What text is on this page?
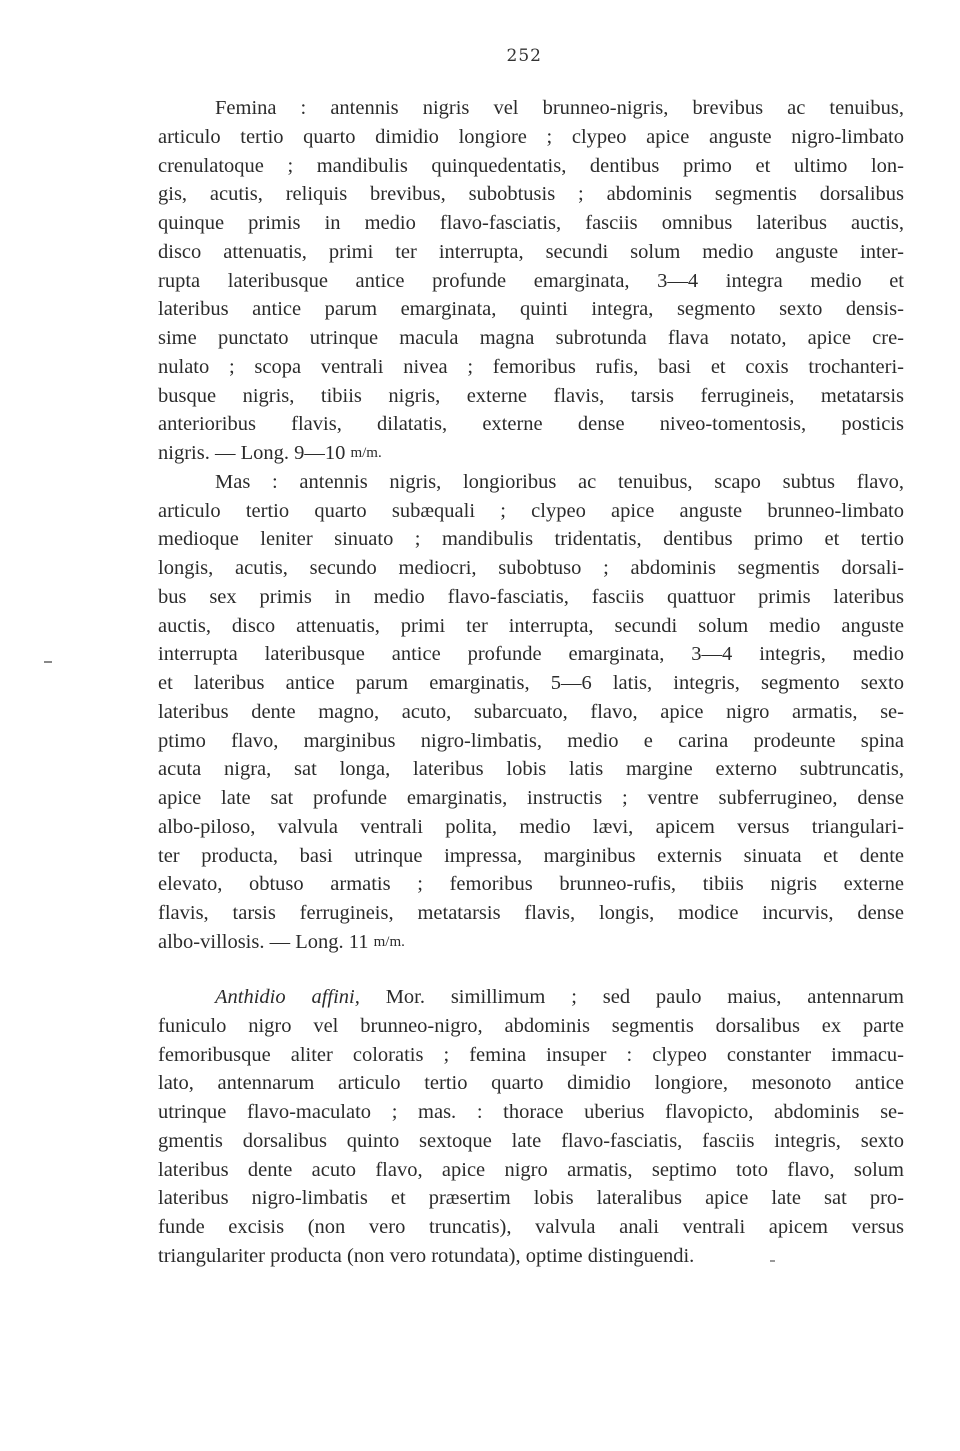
252
Femina : antennis nigris vel brunneo-nigris, brevibus ac tenuibus,
articulo tertio quarto dimidio longiore ; clypeo apice anguste nigro-limbato
crenulatoque ; mandibulis quinquedentatis, dentibus primo et ultimo lon-
gis, acutis, reliquis brevibus, subobtusis ; abdominis segmentis dorsalibus
quinque primis in medio flavo-fasciatis, fasciis omnibus lateribus auctis,
disco attenuatis, primi ter interrupta, secundi solum medio anguste inter-
rupta lateribusque antice profunde emarginata, 3—4 integra medio et
lateribus antice parum emarginata, quinti integra, segmento sexto densis-
sime punctato utrinque macula magna subrotunda flava notato, apice cre-
nulato ; scopa ventrali nivea ; femoribus rufis, basi et coxis trochanteri-
busque nigris, tibiis nigris, externe flavis, tarsis ferrugineis, metatarsis
anterioribus flavis, dilatatis, externe dense niveo-tomentosis, posticis
nigris. — Long. 9—10 m/m.
Mas : antennis nigris, longioribus ac tenuibus, scapo subtus flavo,
articulo tertio quarto subæquali ; clypeo apice anguste brunneo-limbato
medioque leniter sinuato ; mandibulis tridentatis, dentibus primo et tertio
longis, acutis, secundo mediocri, subobtuso ; abdominis segmentis dorsali-
bus sex primis in medio flavo-fasciatis, fasciis quattuor primis lateribus
auctis, disco attenuatis, primi ter interrupta, secundi solum medio anguste
interrupta lateribusque antice profunde emarginata, 3—4 integris, medio
et lateribus antice parum emarginatis, 5—6 latis, integris, segmento sexto
lateribus dente magno, acuto, subarcuato, flavo, apice nigro armatis, se-
ptimo flavo, marginibus nigro-limbatis, medio e carina prodeunte spina
acuta nigra, sat longa, lateribus lobis latis margine externo subtruncatis,
apice late sat profunde emarginatis, instructis ; ventre subferrugineo, dense
albo-piloso, valvula ventrali polita, medio lævi, apicem versus triangulari-
ter producta, basi utrinque impressa, marginibus externis sinuata et dente
elevato, obtuso armatis ; femoribus brunneo-rufis, tibiis nigris externe
flavis, tarsis ferrugineis, metatarsis flavis, longis, modice incurvis, dense
albo-villosis. — Long. 11 m/m.
Anthidio affini, Mor. simillimum ; sed paulo maius, antennarum
funiculo nigro vel brunneo-nigro, abdominis segmentis dorsalibus ex parte
femoribusque aliter coloratis ; femina insuper : clypeo constanter immacu-
lato, antennarum articulo tertio quarto dimidio longiore, mesonoto antice
utrinque flavo-maculato ; mas. : thorace uberius flavopicto, abdominis se-
gmentis dorsalibus quinto sextoque late flavo-fasciatis, fasciis integris, sexto
lateribus dente acuto flavo, apice nigro armatis, septimo toto flavo, solum
lateribus nigro-limbatis et præsertim lobis lateralibus apice late sat pro-
funde excisis (non vero truncatis), valvula anali ventrali apicem versus
triangulariter producta (non vero rotundata), optime distinguendi.
